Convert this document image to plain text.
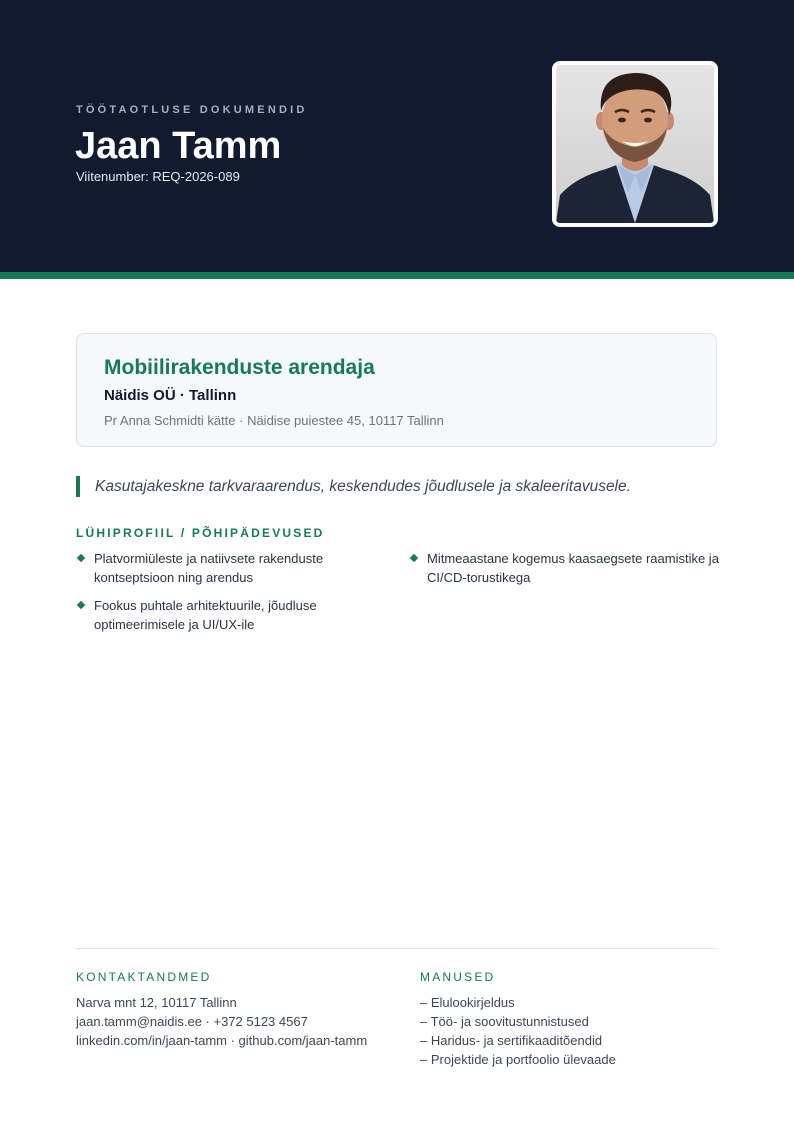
TÖÖTAOTLUSE DOKUMENDID
Jaan Tamm
Viitenumber: REQ-2026-089
Mobiilirakenduste arendaja
Näidis OÜ · Tallinn
Pr Anna Schmidti kätte · Näidise puiestee 45, 10117 Tallinn
Kasutajakeskne tarkvaraarendus, keskendudes jõudlusele ja skaleeritavusele.
LÜHIPROFIIL / PÕHIPÄDEVUSED
Platvormiüleste ja natiivsete rakenduste kontseptsioon ning arendus
Fookus puhtale arhitektuurile, jõudluse optimeerimisele ja UI/UX-ile
Mitmeaastane kogemus kaasaegsete raamistike ja CI/CD-torustikega
KONTAKTANDMED
Narva mnt 12, 10117 Tallinn
jaan.tamm@naidis.ee · +372 5123 4567
linkedin.com/in/jaan-tamm · github.com/jaan-tamm
MANUSED
– Elulookirjeldus
– Töö- ja soovitustunnistused
– Haridus- ja sertifikaaditõendid
– Projektide ja portfoolio ülevaade
